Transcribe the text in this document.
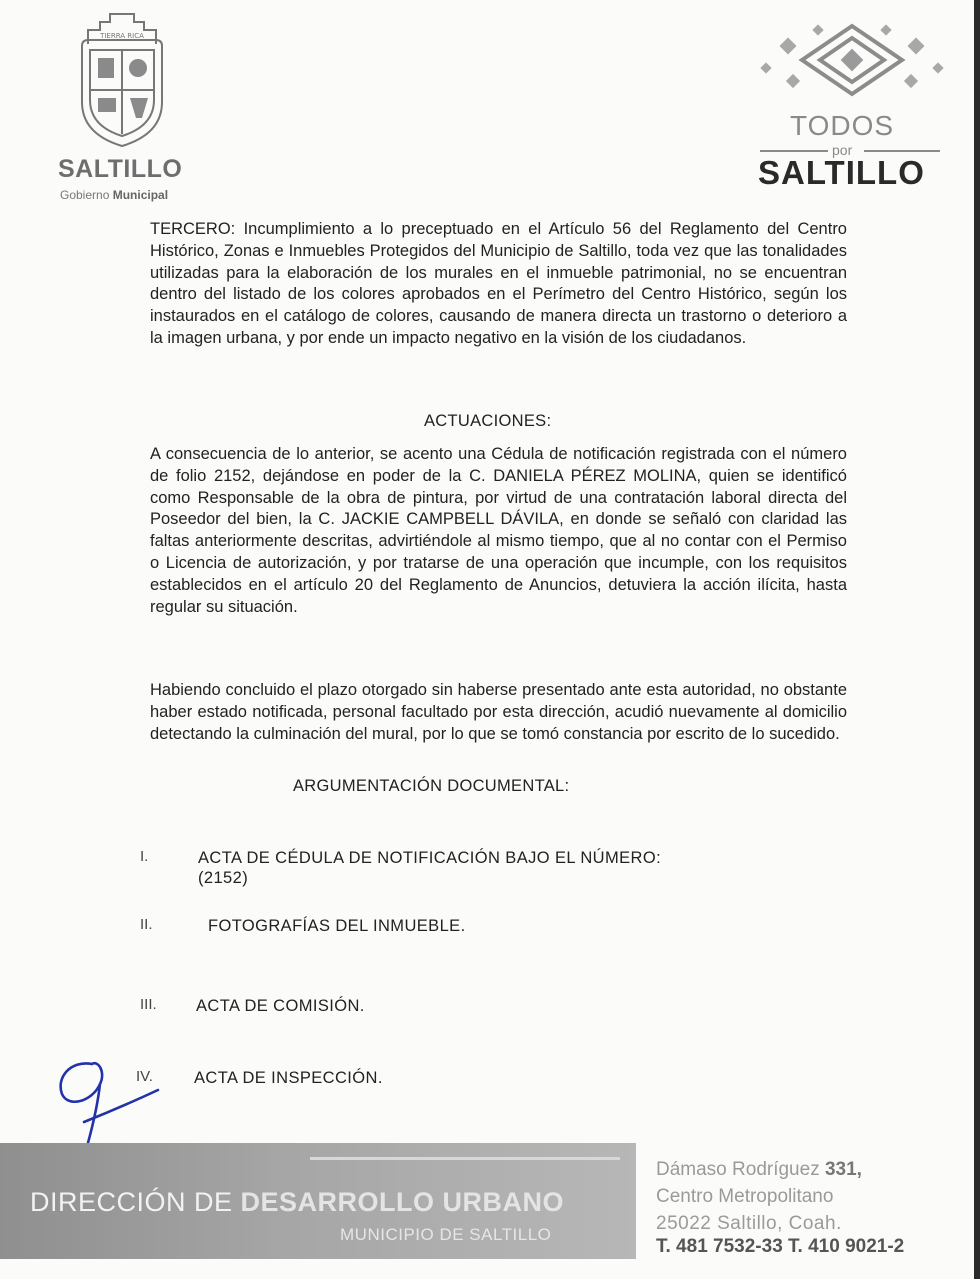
TIERRA RICA
SALTILLO
Gobierno Municipal
TODOS
por
SALTILLO
TERCERO: Incumplimiento a lo preceptuado en el Artículo 56 del Reglamento del Centro Histórico, Zonas e Inmuebles Protegidos del Municipio de Saltillo, toda vez que las tonalidades utilizadas para la elaboración de los murales en el inmueble patrimonial, no se encuentran dentro del listado de los colores aprobados en el Perímetro del Centro Histórico, según los instaurados en el catálogo de colores, causando de manera directa un trastorno o deterioro a la imagen urbana, y por ende un impacto negativo en la visión de los ciudadanos.
ACTUACIONES:
A consecuencia de lo anterior, se acento una Cédula de notificación registrada con el número de folio 2152, dejándose en poder de la C. DANIELA PÉREZ MOLINA, quien se identificó como Responsable de la obra de pintura, por virtud de una contratación laboral directa del Poseedor del bien, la C. JACKIE CAMPBELL DÁVILA, en donde se señaló con claridad las faltas anteriormente descritas, advirtiéndole al mismo tiempo, que al no contar con el Permiso o Licencia de autorización, y por tratarse de una operación que incumple, con los requisitos establecidos en el artículo 20 del Reglamento de Anuncios, detuviera la acción ilícita, hasta regular su situación.
Habiendo concluido el plazo otorgado sin haberse presentado ante esta autoridad, no obstante haber estado notificada, personal facultado por esta dirección, acudió nuevamente al domicilio detectando la culminación del mural, por lo que se tomó constancia por escrito de lo sucedido.
ARGUMENTACIÓN DOCUMENTAL:
I.	ACTA DE CÉDULA DE NOTIFICACIÓN BAJO EL NÚMERO:
(2152)
II.	FOTOGRAFÍAS DEL INMUEBLE.
III. ACTA DE COMISIÓN.
IV. ACTA DE INSPECCIÓN.
DIRECCIÓN DE DESARROLLO URBANO
MUNICIPIO DE SALTILLO
Dámaso Rodríguez 331,
Centro Metropolitano
25022 Saltillo, Coah.
T. 481 7532-33 T. 410 9021-2
